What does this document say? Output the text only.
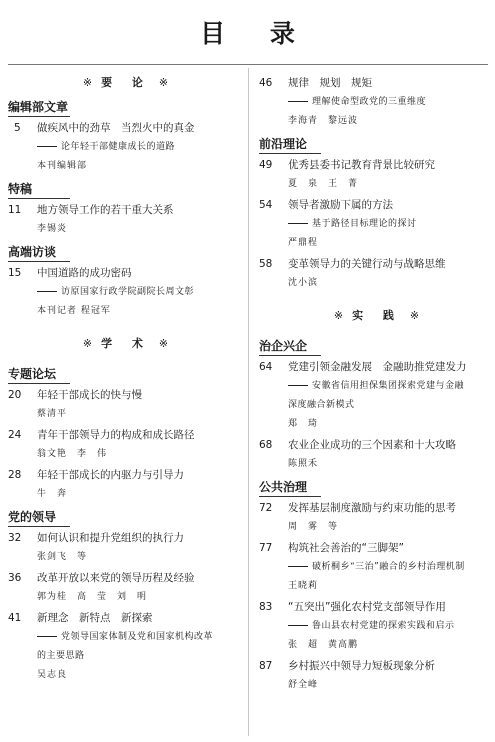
目 录
※ 要 论 ※
编辑部文章
5	做疾风中的劲草　当烈火中的真金
论年轻干部健康成长的道路
本刊编辑部
特稿
11	地方领导工作的若干重大关系
李锡炎
高端访谈
15	中国道路的成功密码
访原国家行政学院副院长周文彰
本刊记者 程冠军
※ 学 术 ※
专题论坛
20	年轻干部成长的快与慢
蔡清平
24	青年干部领导力的构成和成长路径
翁文艳　李　伟
28	年轻干部成长的内驱力与引导力
牛　奔
党的领导
32	如何认识和提升党组织的执行力
张剑飞　等
36	改革开放以来党的领导历程及经验
郭为桂　高　莹　刘　明
41	新理念　新特点　新探索
党领导国家体制及党和国家机构改革
的主要思路
吴志良
46	规律　规划　规矩
理解使命型政党的三重维度
李海青　黎远波
前沿理论
49	优秀县委书记教育背景比较研究
夏　泉　王　菁
54	领导者激励下属的方法
基于路径目标理论的探讨
严鼎程
58	变革领导力的关键行动与战略思维
沈小滨
※ 实 践 ※
治企兴企
64	党建引领金融发展　金融助推党建发力
安徽省信用担保集团探索党建与金融
深度融合新模式
郑　琦
68	农业企业成功的三个因素和十大攻略
陈照禾
公共治理
72	发挥基层制度激励与约束功能的思考
周　雾　等
77	构筑社会善治的“三脚架”
破析桐乡“三治”融合的乡村治理机制
王晓莉
83	“五突出”强化农村党支部领导作用
鲁山县农村党建的探索实践和启示
张　超　黄高鹏
87	乡村振兴中领导力短板现象分析
舒全峰
